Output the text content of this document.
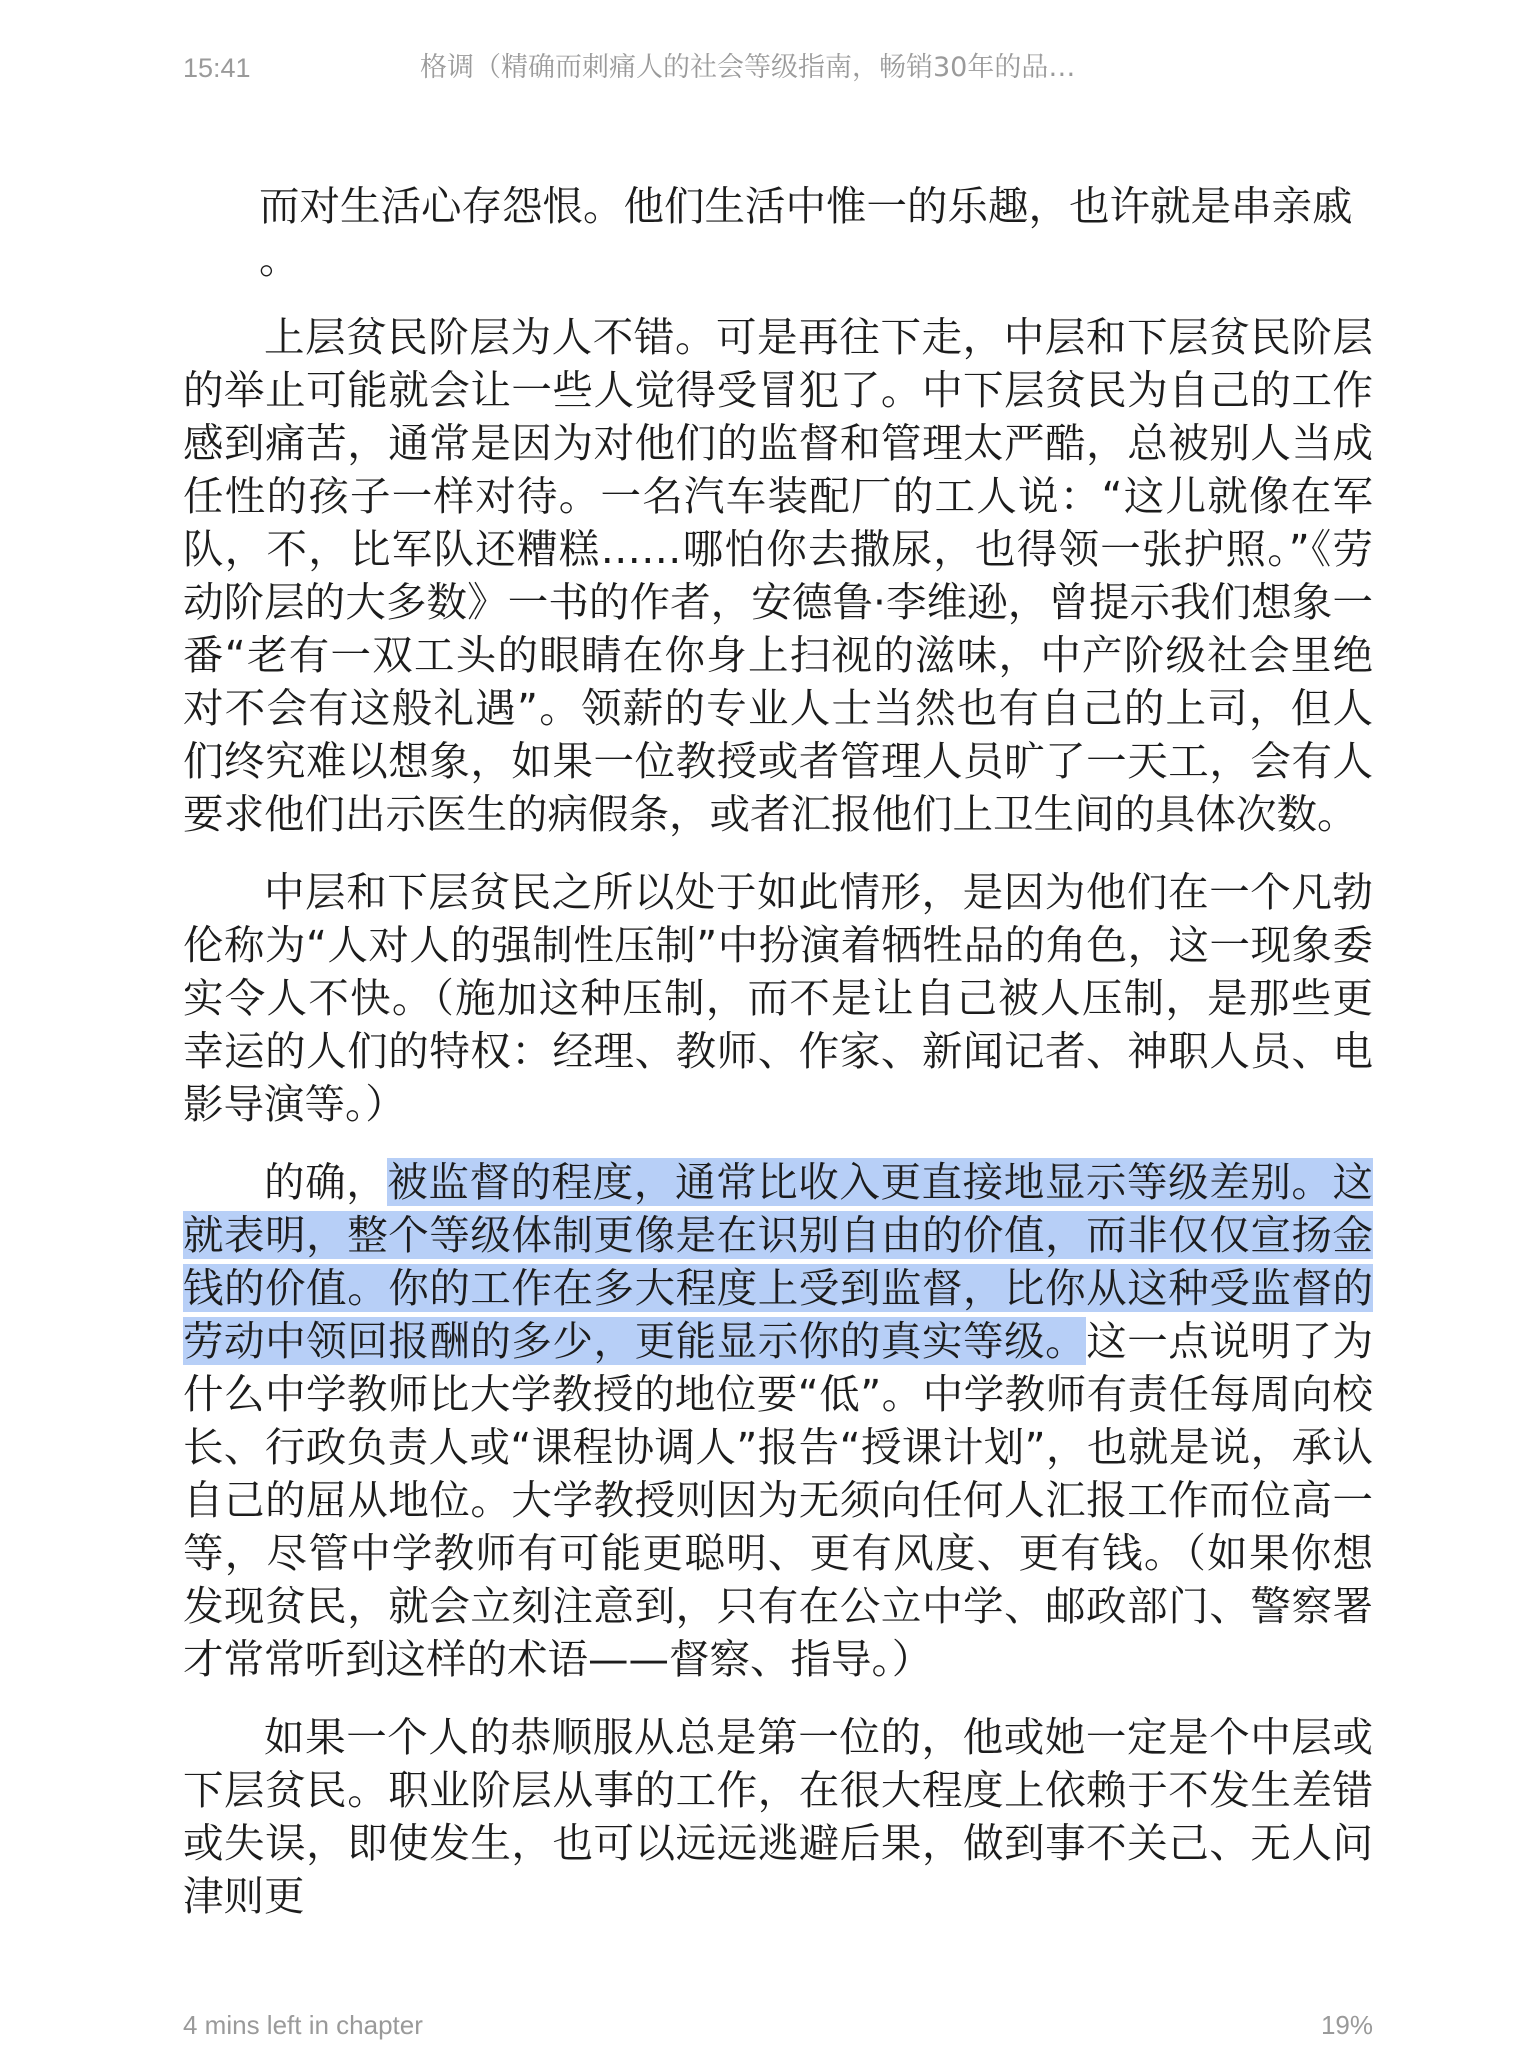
15:41	格调（精确而刺痛人的社会等级指南，畅销30年的品…

而对生活心存怨恨。他们生活中惟一的乐趣，也许就是串亲戚
。

上层贫民阶层为人不错。可是再往下走，中层和下层贫民阶层的举止可能就会让一些人觉得受冒犯了。中下层贫民为自己的工作感到痛苦，通常是因为对他们的监督和管理太严酷，总被别人当成任性的孩子一样对待。一名汽车装配厂的工人说：“这儿就像在军队，不，比军队还糟糕……哪怕你去撒尿，也得领一张护照。”《劳动阶层的大多数》一书的作者，安德鲁·李维逊，曾提示我们想象一番“老有一双工头的眼睛在你身上扫视的滋味，中产阶级社会里绝对不会有这般礼遇”。领薪的专业人士当然也有自己的上司，但人们终究难以想象，如果一位教授或者管理人员旷了一天工，会有人要求他们出示医生的病假条，或者汇报他们上卫生间的具体次数。

中层和下层贫民之所以处于如此情形，是因为他们在一个凡勃伦称为“人对人的强制性压制”中扮演着牺牲品的角色，这一现象委实令人不快。（施加这种压制，而不是让自己被人压制，是那些更幸运的人们的特权：经理、教师、作家、新闻记者、神职人员、电影导演等。）

的确，被监督的程度，通常比收入更直接地显示等级差别。这就表明，整个等级体制更像是在识别自由的价值，而非仅仅宣扬金钱的价值。你的工作在多大程度上受到监督，比你从这种受监督的劳动中领回报酬的多少，更能显示你的真实等级。这一点说明了为什么中学教师比大学教授的地位要“低”。中学教师有责任每周向校长、行政负责人或“课程协调人”报告“授课计划”，也就是说，承认自己的屈从地位。大学教授则因为无须向任何人汇报工作而位高一等，尽管中学教师有可能更聪明、更有风度、更有钱。（如果你想发现贫民，就会立刻注意到，只有在公立中学、邮政部门、警察署才常常听到这样的术语——督察、指导。）

如果一个人的恭顺服从总是第一位的，他或她一定是个中层或下层贫民。职业阶层从事的工作，在很大程度上依赖于不发生差错或失误，即使发生，也可以远远逃避后果，做到事不关己、无人问津则更

4 mins left in chapter	19%
